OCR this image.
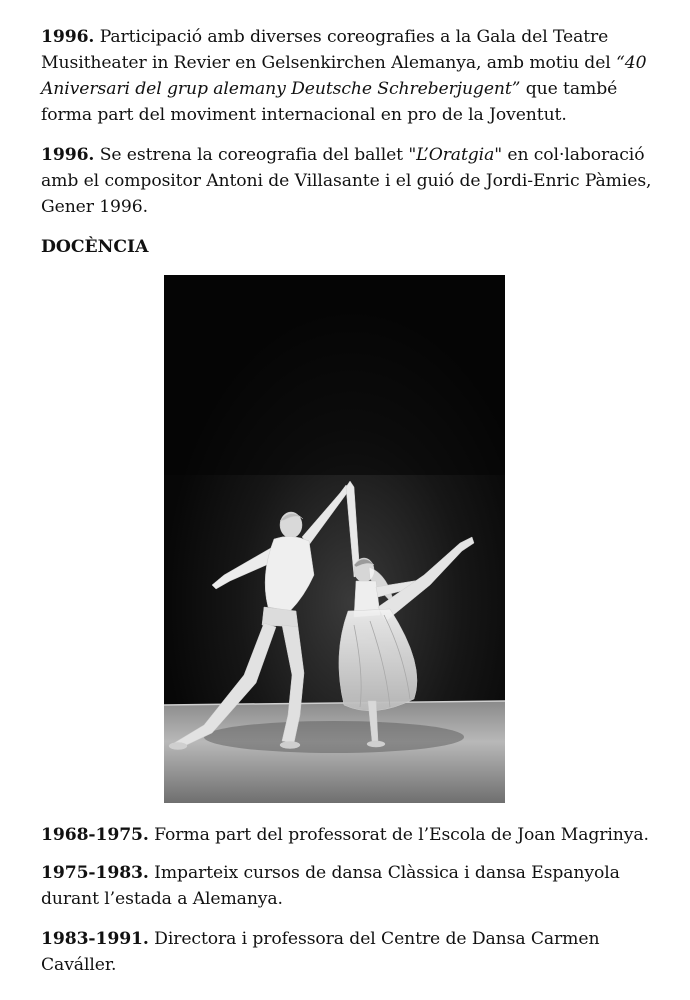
1996. Participació amb diverses coreografies a la Gala del Teatre Musitheater in Revier en Gelsenkirchen Alemanya, amb motiu del “40 Aniversari del grup alemany Deutsche Schreberjugent” que també forma part del moviment internacional en pro de la Joventut.

1996. Se estrena la coreografia del ballet "L’Oratgia" en col·laboració amb el compositor Antoni de Villasante i el guió de Jordi-Enric Pàmies, Gener 1996.

DOCÈNCIA

1968-1975. Forma part del professorat de l’Escola de Joan Magrinya.

1975-1983. Imparteix cursos de dansa Clàssica i dansa Espanyola durant l’estada a Alemanya.

1983-1991. Directora i professora del Centre de Dansa Carmen Caváller.
